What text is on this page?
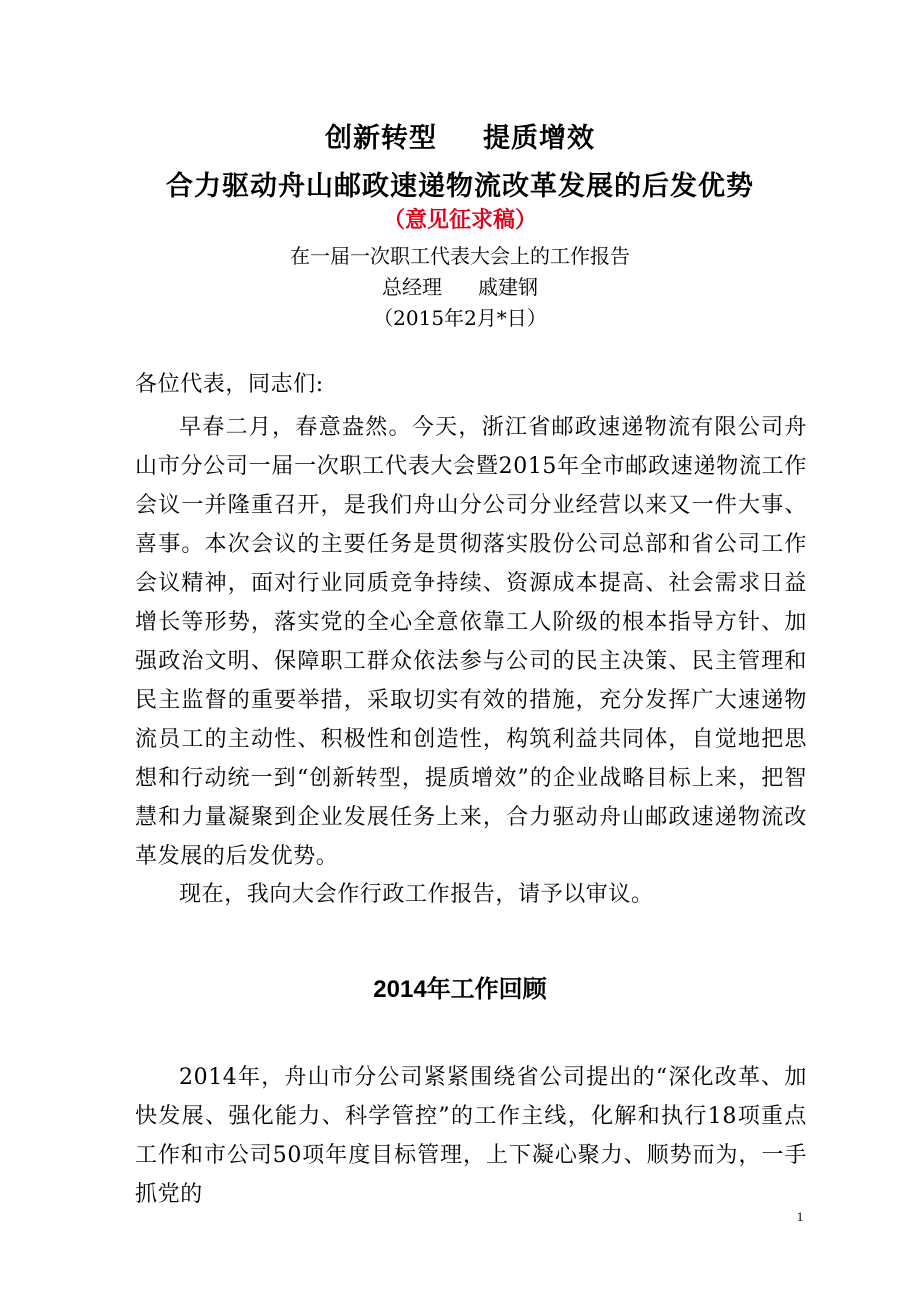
创新转型 提质增效
合力驱动舟山邮政速递物流改革发展的后发优势
（意见征求稿）
在一届一次职工代表大会上的工作报告
总经理 戚建钢
（2015年2月*日）
各位代表，同志们:
早春二月，春意盎然。今天，浙江省邮政速递物流有限公司舟山市分公司一届一次职工代表大会暨2015年全市邮政速递物流工作会议一并隆重召开，是我们舟山分公司分业经营以来又一件大事、喜事。本次会议的主要任务是贯彻落实股份公司总部和省公司工作会议精神，面对行业同质竞争持续、资源成本提高、社会需求日益增长等形势，落实党的全心全意依靠工人阶级的根本指导方针、加强政治文明、保障职工群众依法参与公司的民主决策、民主管理和民主监督的重要举措，采取切实有效的措施，充分发挥广大速递物流员工的主动性、积极性和创造性，构筑利益共同体，自觉地把思想和行动统一到“创新转型，提质增效”的企业战略目标上来，把智慧和力量凝聚到企业发展任务上来，合力驱动舟山邮政速递物流改革发展的后发优势。
现在，我向大会作行政工作报告，请予以审议。
2014年工作回顾
2014年，舟山市分公司紧紧围绕省公司提出的“深化改革、加快发展、强化能力、科学管控”的工作主线，化解和执行18项重点工作和市公司50项年度目标管理，上下凝心聚力、顺势而为，一手抓党的
1
